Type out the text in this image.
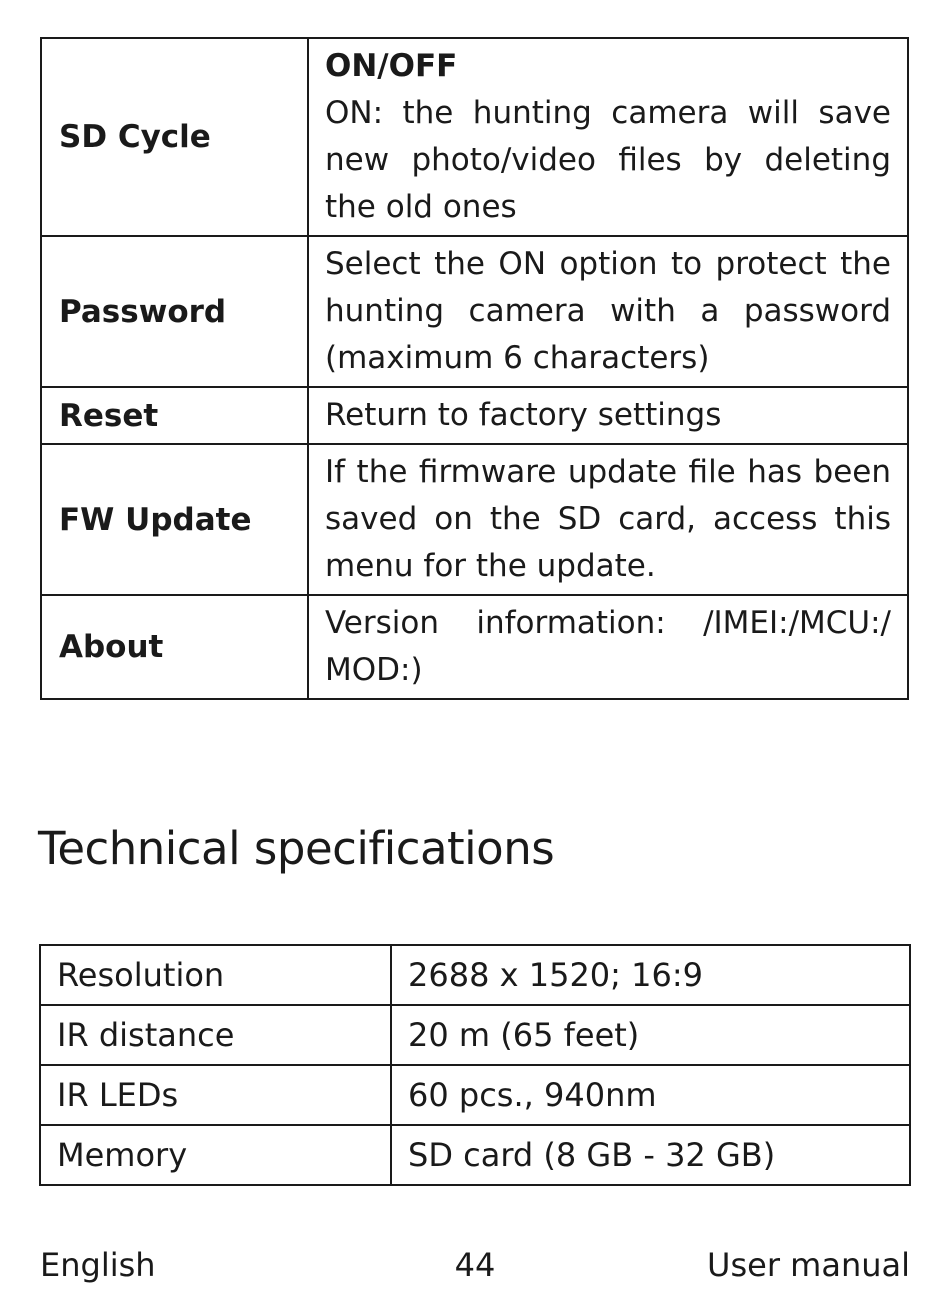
SD Cycle	ON/OFF
ON: the hunting camera will save new photo/video files by deleting the old ones
Password	Select the ON option to protect the hunting camera with a password (maximum 6 characters)
Reset	Return to factory settings
FW Update	If the firmware update file has been saved on the SD card, access this menu for the update.
About	Version information: /IMEI:/MCU:/ MOD:)
Technical specifications
Resolution	2688 x 1520; 16:9
IR distance	20 m (65 feet)
IR LEDs	60 pcs., 940nm
Memory	SD card (8 GB - 32 GB)
44
English	User manual
